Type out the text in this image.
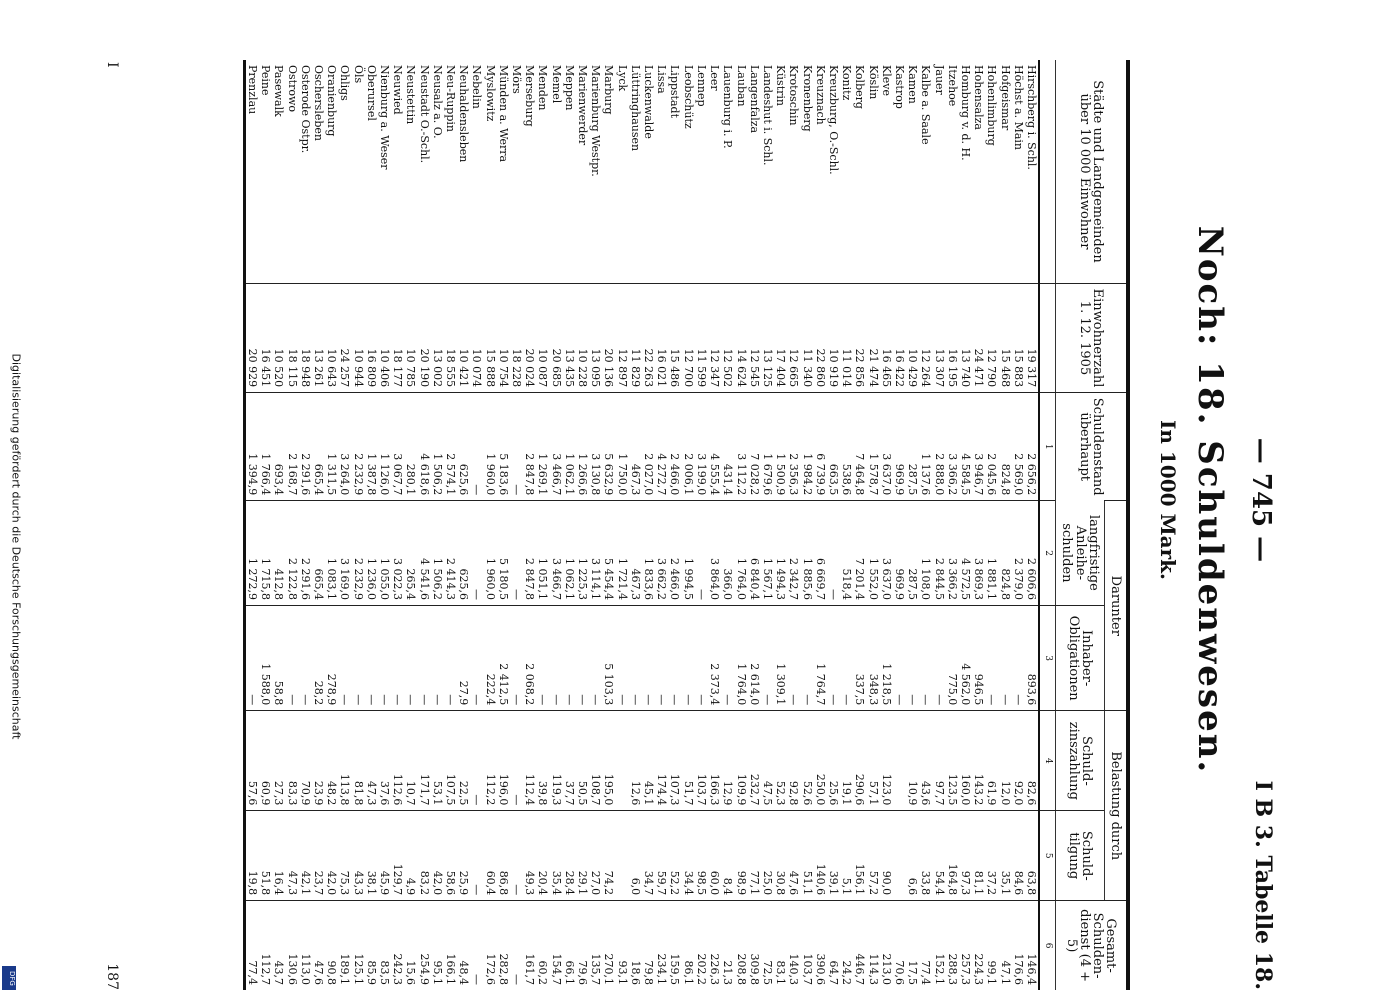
— 745 —
I B 3. Tabelle 18.
Noch: 18. Schuldenwesen.
In 1000 Mark.
Städte und Landgemeinden über 10 000 Einwohner	Einwohnerzahl 1. 12. 1905	Schuldenstand überhaupt	Darunter		Belastung durch		Gesamt-Schulden-dienst (4 + 5)
			langfristige Anleihe-schulden	Inhaber-Obligationen	Schuld-zinszahlung	Schuld-tilgung	
		1	2	3	4	5	6
Hirschberg i. Schl.	19 317	2 656,2	2 606,6	893,6	82,6	63,8	146,4
Höchst a. Main	15 883	2 569,0	2 379,0	—	92,0	84,6	176,6
Hofgeismar	15 468	824,8	824,8	—	12,0	35,1	47,1
Hohenlimburg	12 790	2 045,6	1 881,1	—	61,9	37,2	99,1
Hohensalza	24 471	3 946,7	3 869,3	946,5	143,2	81,1	224,3
Homburg v. d. H.	13 740	4 584,5	4 572,5	4 562,0	160,0	97,3	257,3
Itzehoe	16 195	3 366,2	3 366,2	775,0	123,5	164,8	288,3
Jauer	13 307	2 888,0	2 844,5	—	97,7	54,4	152,1
Kalbe a. Saale	12 264	1 137,6	1 108,0	—	43,6	33,8	77,4
Kamen	10 429	287,5	287,5	—	10,9	6,6	17,5
Kastrop	16 422	969,9	969,9	—			70,6
Kleve	16 465	3 637,0	3 637,0	1 218,5	123,0	90,0	213,0
Köslin	21 474	1 578,7	1 552,0	348,3	57,1	57,2	114,3
Kolberg	22 856	7 464,8	7 201,4	337,5	290,6	156,1	446,7
Konitz	11 014	538,6	518,4	—	19,1	5,1	24,2
Kreuzburg, O.-Schl.	10 919	663,5	—	—	25,6	39,1	64,7
Kreuznach	22 860	6 739,9	6 669,7	1 764,7	250,0	140,6	390,6
Kronenberg	11 340	1 984,2	1 885,6	—	52,6	51,1	103,7
Krotoschin	12 665	2 356,3	2 342,7	—	92,8	47,6	140,3
Küstrin	17 404	1 500,9	1 494,3	1 309,1	52,3	30,8	83,1
Landeshut i. Schl.	13 125	1 679,6	1 567,1	—	47,5	25,0	72,5
Langenfalza	12 545	7 028,2	6 840,4	2 614,0	232,7	77,1	309,8
Lauban	14 624	3 112,2	1 764,0	1 764,0	109,9	98,9	208,8
Lauenburg i. P.	12 502	431,4	366,0	—	12,9	8,4	21,3
Leer	12 347	4 555,4	3 864,0	2 373,4	166,3	60,0	226,3
Lennep	11 599	3 199,0	—	—	103,7	98,5	202,2
Leobschütz	12 700	2 006,1	1 994,5	—	51,7	34,4	86,1
Lippstadt	15 486	2 466,0	2 466,0	—	107,3	52,2	159,5
Lissa	16 021	4 272,7	3 662,2	—	174,4	59,7	234,1
Luckenwalde	22 263	2 027,0	1 833,6	—	45,1	34,7	79,8
Lüttringhausen	11 829	467,3	467,3	—	12,6	6,0	18,6
Lyck	12 897	1 750,0	1 721,4	—			93,1
Marburg	20 136	5 632,9	5 454,4	5 103,3	195,0	74,2	270,1
Marienburg Westpr.	13 095	3 130,8	3 114,1	—	108,7	27,0	135,7
Marienwerder	10 228	1 266,6	1 225,3	—	50,5	29,1	79,6
Meppen	13 435	1 062,1	1 062,1	—	37,7	28,4	66,1
Memel	20 685	3 466,7	3 466,7	—	119,3	35,4	154,7
Menden	10 087	1 269,1	1 051,1	—	39,8	20,4	60,2
Merseburg	20 024	2 847,8	2 847,8	2 068,2	112,4	49,3	161,7
Mörs	18 228	—	—	—	—	—	—
Münden a. Werra	10 754	5 183,6	5 180,5	2 412,5	196,0	86,8	282,8
Myslowitz	15 888	1 960,0	1 960,0	222,4	112,2	60,4	172,6
Nebelin	10 074	—	—	—	—	—	—
Neuhaldensleben	10 421	625,6	625,6	27,9	22,5	25,9	48,4
Neu-Ruppin	18 555	2 574,1	2 414,3	—	107,5	58,6	166,1
Neusalz a. O.	13 002	1 506,2	1 506,2	—	53,1	42,0	95,1
Neustadt O.-Schl.	20 190	4 618,6	4 541,6	—	171,7	83,2	254,9
Neustettin	10 785	280,1	265,4	—	10,7	4,9	15,6
Neuwied	18 177	3 067,7	3 022,3	—	112,6	129,7	242,3
Nienburg a. Weser	10 406	1 126,0	1 055,0	—	37,6	45,9	83,5
Oberursel	16 809	1 387,8	1 236,0	—	47,3	38,1	85,9
Öls	10 944	2 232,9	2 232,9	—	81,8	43,3	125,1
Ohligs	24 257	3 264,0	3 169,0	—	113,8	75,3	189,1
Oranienburg	10 643	1 311,5	1 083,1	278,9	48,2	42,0	90,8
Oschersleben	13 261	665,4	665,4	28,2	23,9	23,7	47,6
Osterode Ostpr.	18 948	2 291,6	2 291,6	—	70,9	42,1	113,0
Ostrowo	18 115	2 168,7	2 122,8	—	83,3	47,3	130,6
Pasewalk	10 520	693,4	412,8	58,8	27,3	16,4	43,7
Peine	16 451	1 766,4	1 715,8	1 588,0	60,9	51,8	112,7
Prenzlau	20 929	1 394,9	1 272,9	—	57,6	19,8	77,4
I
187
Digitalisierung gefördert durch die Deutsche Forschungsgemeinschaft
DFG
